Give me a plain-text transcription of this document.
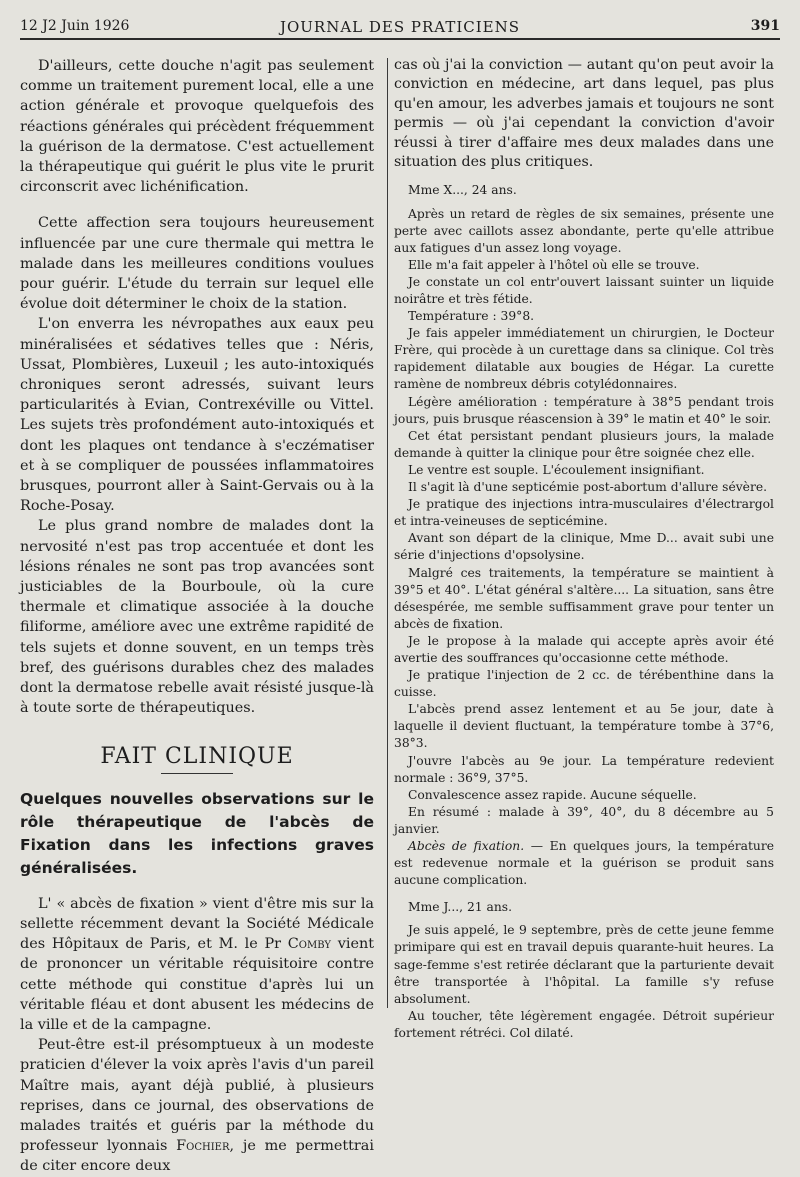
12 J2 Juin 1926	JOURNAL DES PRATICIENS	391

D'ailleurs, cette douche n'agit pas seulement comme un traitement purement local, elle a une action générale et provoque quelquefois des réactions générales qui précèdent fréquemment la guérison de la dermatose. C'est actuellement la thérapeutique qui guérit le plus vite le prurit circonscrit avec lichénification.

Cette affection sera toujours heureusement influencée par une cure thermale qui mettra le malade dans les meilleures conditions voulues pour guérir. L'étude du terrain sur lequel elle évolue doit déterminer le choix de la station.

L'on enverra les névropathes aux eaux peu minéralisées et sédatives telles que : Néris, Ussat, Plombières, Luxeuil ; les auto-intoxiqués chroniques seront adressés, suivant leurs particularités à Evian, Contrexéville ou Vittel. Les sujets très profondément auto-intoxiqués et dont les plaques ont tendance à s'eczématiser et à se compliquer de poussées inflammatoires brusques, pourront aller à Saint-Gervais ou à la Roche-Posay.

Le plus grand nombre de malades dont la nervosité n'est pas trop accentuée et dont les lésions rénales ne sont pas trop avancées sont justiciables de la Bourboule, où la cure thermale et climatique associée à la douche filiforme, améliore avec une extrême rapidité de tels sujets et donne souvent, en un temps très bref, des guérisons durables chez des malades dont la dermatose rebelle avait résisté jusque-là à toute sorte de thérapeutiques.

FAIT CLINIQUE

Quelques nouvelles observations sur le rôle thérapeutique de l'abcès de Fixation dans les infections graves généralisées.

L' « abcès de fixation » vient d'être mis sur la sellette récemment devant la Société Médicale des Hôpitaux de Paris, et M. le Pr Comby vient de prononcer un véritable réquisitoire contre cette méthode qui constitue d'après lui un véritable fléau et dont abusent les médecins de la ville et de la campagne.

Peut-être est-il présomptueux à un modeste praticien d'élever la voix après l'avis d'un pareil Maître mais, ayant déjà publié, à plusieurs reprises, dans ce journal, des observations de malades traités et guéris par la méthode du professeur lyonnais Fochier, je me permettrai de citer encore deux

cas où j'ai la conviction — autant qu'on peut avoir la conviction en médecine, art dans lequel, pas plus qu'en amour, les adverbes jamais et toujours ne sont permis — où j'ai cependant la conviction d'avoir réussi à tirer d'affaire mes deux malades dans une situation des plus critiques.

Mme X..., 24 ans.

Après un retard de règles de six semaines, présente une perte avec caillots assez abondante, perte qu'elle attribue aux fatigues d'un assez long voyage.

Elle m'a fait appeler à l'hôtel où elle se trouve.

Je constate un col entr'ouvert laissant suinter un liquide noirâtre et très fétide.

Température : 39°8.

Je fais appeler immédiatement un chirurgien, le Docteur Frère, qui procède à un curettage dans sa clinique. Col très rapidement dilatable aux bougies de Hégar. La curette ramène de nombreux débris cotylédonnaires.

Légère amélioration : température à 38°5 pendant trois jours, puis brusque réascension à 39° le matin et 40° le soir.

Cet état persistant pendant plusieurs jours, la malade demande à quitter la clinique pour être soignée chez elle.

Le ventre est souple. L'écoulement insignifiant.

Il s'agit là d'une septicémie post-abortum d'allure sévère.

Je pratique des injections intra-musculaires d'électrargol et intra-veineuses de septicémine.

Avant son départ de la clinique, Mme D... avait subi une série d'injections d'opsolysine.

Malgré ces traitements, la température se maintient à 39°5 et 40°. L'état général s'altère.... La situation, sans être désespérée, me semble suffisamment grave pour tenter un abcès de fixation.

Je le propose à la malade qui accepte après avoir été avertie des souffrances qu'occasionne cette méthode.

Je pratique l'injection de 2 cc. de térébenthine dans la cuisse.

L'abcès prend assez lentement et au 5e jour, date à laquelle il devient fluctuant, la température tombe à 37°6, 38°3.

J'ouvre l'abcès au 9e jour. La température redevient normale : 36°9, 37°5.

Convalescence assez rapide. Aucune séquelle.

En résumé : malade à 39°, 40°, du 8 décembre au 5 janvier.

Abcès de fixation. — En quelques jours, la température est redevenue normale et la guérison se produit sans aucune complication.

Mme J..., 21 ans.

Je suis appelé, le 9 septembre, près de cette jeune femme primipare qui est en travail depuis quarante-huit heures. La sage-femme s'est retirée déclarant que la parturiente devait être transportée à l'hôpital. La famille s'y refuse absolument.

Au toucher, tête légèrement engagée. Détroit supérieur fortement rétréci. Col dilaté.
